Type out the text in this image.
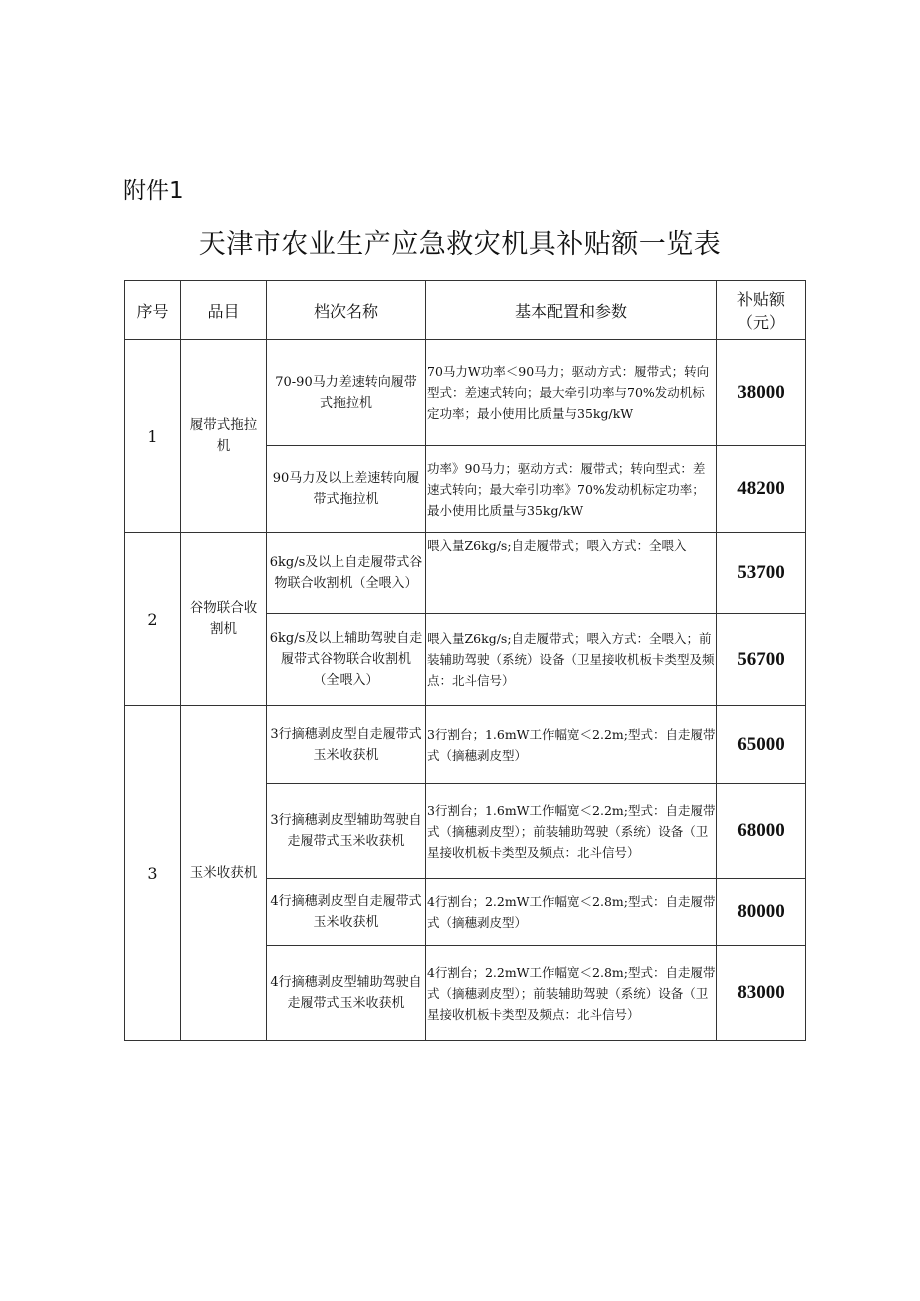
附件1
天津市农业生产应急救灾机具补贴额一览表
序号	品目	档次名称	基本配置和参数	补贴额（元）
1	履带式拖拉机	70-90马力差速转向履带式拖拉机	70马力W功率＜90马力；驱动方式：履带式；转向型式：差速式转向；最大牵引功率与70%发动机标定功率；最小使用比质量与35kg/kW	38000
		90马力及以上差速转向履带式拖拉机	功率》90马力；驱动方式：履带式；转向型式：差速式转向；最大牵引功率》70%发动机标定功率；最小使用比质量与35kg/kW	48200
2	谷物联合收割机	6kg/s及以上自走履带式谷物联合收割机（全喂入）	喂入量Z6kg/s;自走履带式；喂入方式：全喂入	53700
		6kg/s及以上辅助驾驶自走履带式谷物联合收割机（全喂入）	喂入量Z6kg/s;自走履带式；喂入方式：全喂入；前装辅助驾驶（系统）设备（卫星接收机板卡类型及频点：北斗信号）	56700
3	玉米收获机	3行摘穗剥皮型自走履带式玉米收获机	3行割台；1.6mW工作幅宽＜2.2m;型式：自走履带式（摘穗剥皮型）	65000
		3行摘穗剥皮型辅助驾驶自走履带式玉米收获机	3行割台；1.6mW工作幅宽＜2.2m;型式：自走履带式（摘穗剥皮型）；前装辅助驾驶（系统）设备（卫星接收机板卡类型及频点：北斗信号）	68000
		4行摘穗剥皮型自走履带式玉米收获机	4行割台；2.2mW工作幅宽＜2.8m;型式：自走履带式（摘穗剥皮型）	80000
		4行摘穗剥皮型辅助驾驶自走履带式玉米收获机	4行割台；2.2mW工作幅宽＜2.8m;型式：自走履带式（摘穗剥皮型）；前装辅助驾驶（系统）设备（卫星接收机板卡类型及频点：北斗信号）	83000
